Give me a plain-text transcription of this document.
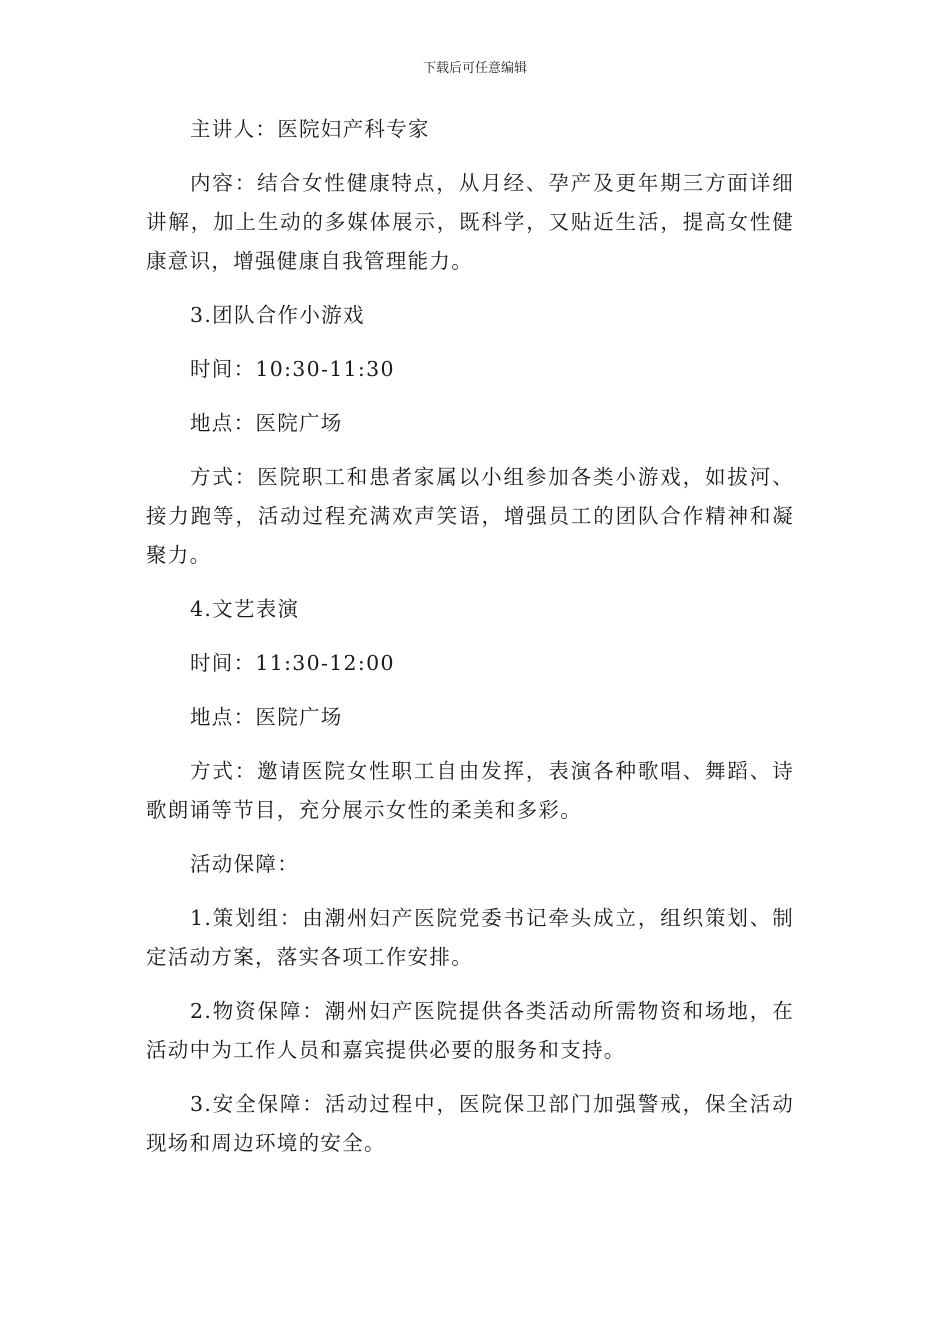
下载后可任意编辑

主讲人：医院妇产科专家

内容：结合女性健康特点，从月经、孕产及更年期三方面详细讲解，加上生动的多媒体展示，既科学，又贴近生活，提高女性健康意识，增强健康自我管理能力。

3.团队合作小游戏

时间：10:30-11:30

地点：医院广场

方式：医院职工和患者家属以小组参加各类小游戏，如拔河、接力跑等，活动过程充满欢声笑语，增强员工的团队合作精神和凝聚力。

4.文艺表演

时间：11:30-12:00

地点：医院广场

方式：邀请医院女性职工自由发挥，表演各种歌唱、舞蹈、诗歌朗诵等节目，充分展示女性的柔美和多彩。

活动保障：

1.策划组：由潮州妇产医院党委书记牵头成立，组织策划、制定活动方案，落实各项工作安排。

2.物资保障：潮州妇产医院提供各类活动所需物资和场地，在活动中为工作人员和嘉宾提供必要的服务和支持。

3.安全保障：活动过程中，医院保卫部门加强警戒，保全活动现场和周边环境的安全。
